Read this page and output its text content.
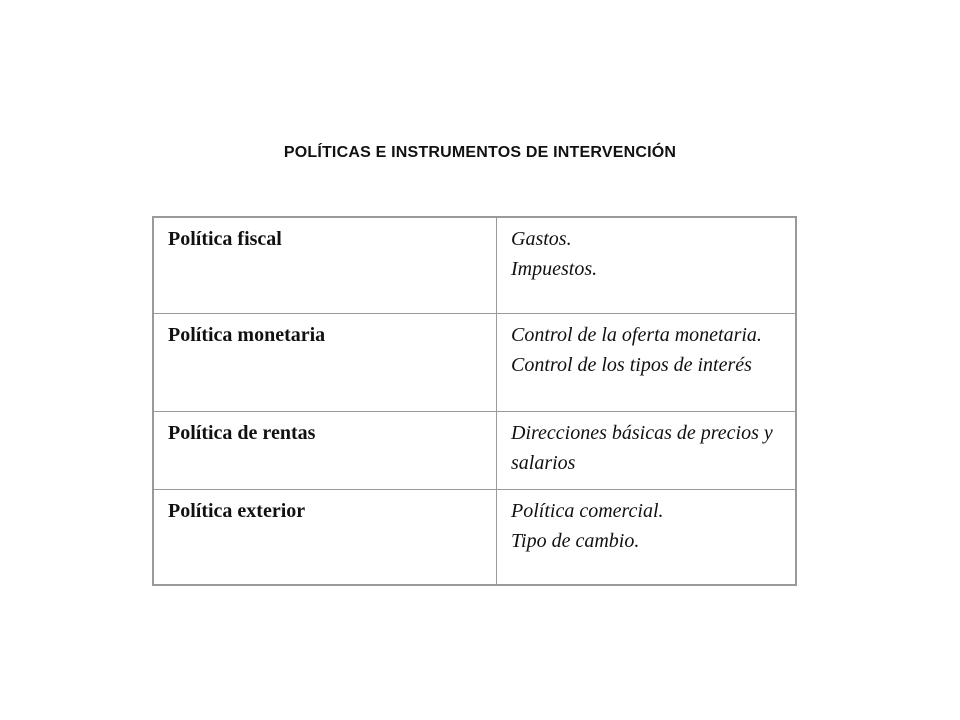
POLÍTICAS E INSTRUMENTOS DE INTERVENCIÓN
Política fiscal	Gastos.
Impuestos.

Política monetaria	Control de la oferta monetaria.
Control de los tipos de interés

Política de rentas	Direcciones básicas de precios y salarios

Política exterior	Política comercial.
Tipo de cambio.
